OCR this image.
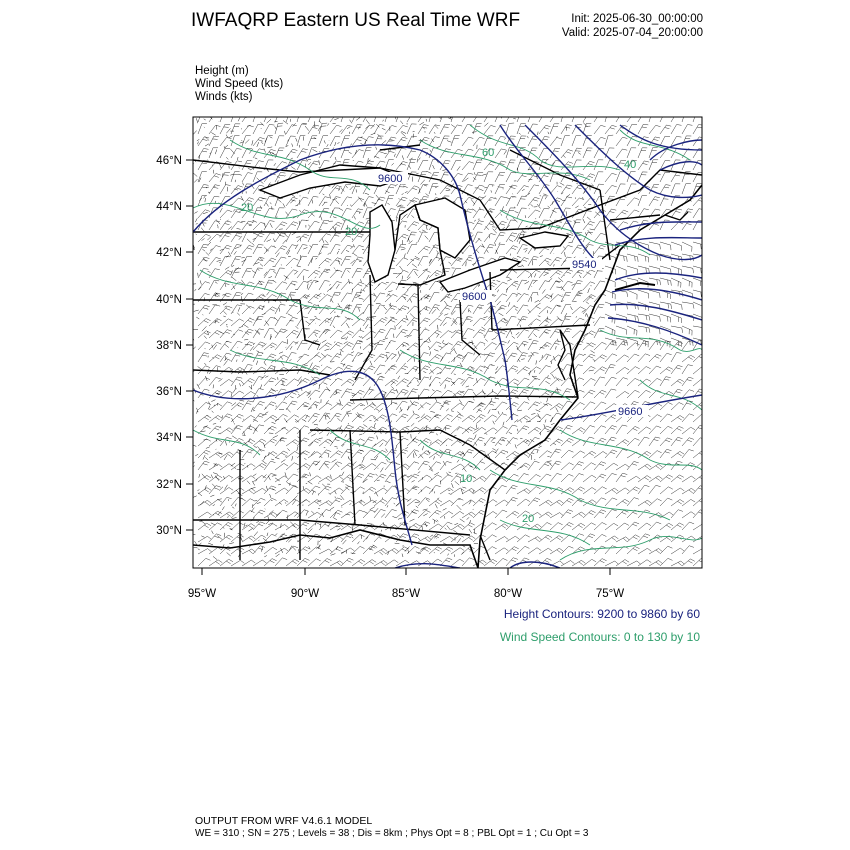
IWFAQRP Eastern US Real Time WRF	Init: 2025-06-30_00:00:00
Valid: 2025-07-04_20:00:00
Height (m)
Wind Speed (kts)
Winds (kts)
9600
9540
9660
9600
60
20
20
20
10
40
46°N
44°N
42°N
40°N
38°N
36°N
34°N
32°N
30°N
95°W	90°W	85°W	80°W	75°W
Height Contours: 9200 to 9860 by 60
Wind Speed Contours: 0 to 130 by 10
OUTPUT FROM WRF V4.6.1 MODEL
WE = 310 ; SN = 275 ; Levels = 38 ; Dis = 8km ; Phys Opt = 8 ; PBL Opt = 1 ; Cu Opt = 3
